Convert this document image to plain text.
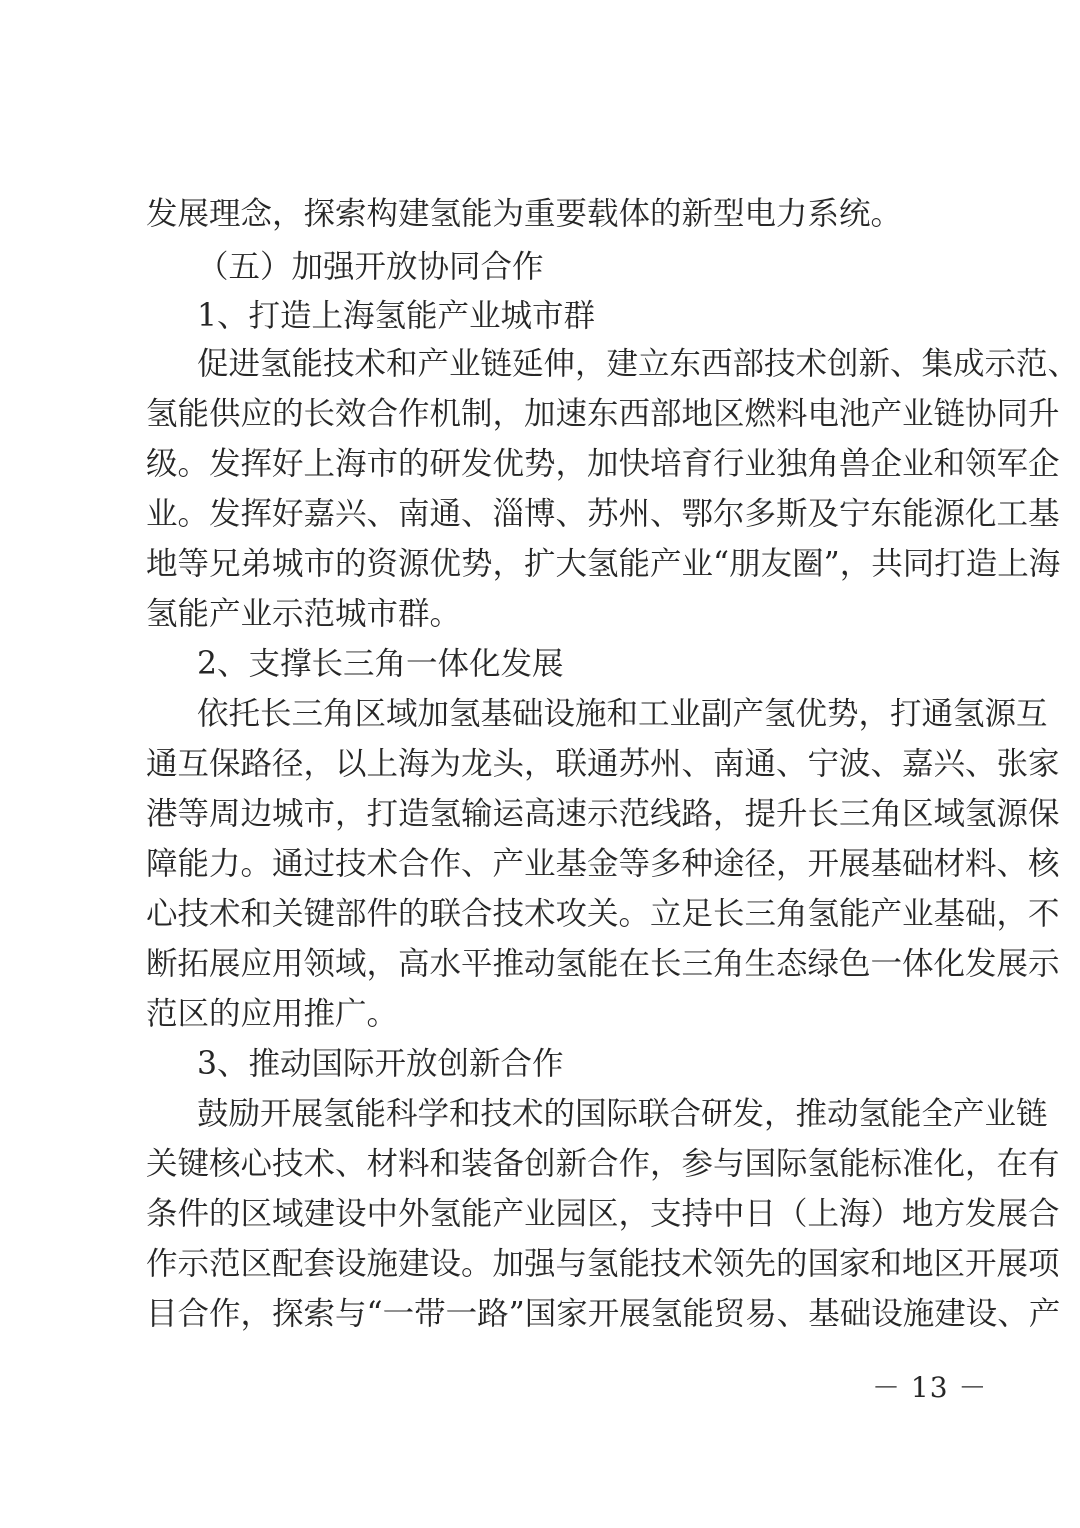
发展理念，探索构建氢能为重要载体的新型电力系统。
（五）加强开放协同合作
1、打造上海氢能产业城市群
促进氢能技术和产业链延伸，建立东西部技术创新、集成示范、
氢能供应的长效合作机制，加速东西部地区燃料电池产业链协同升
级。发挥好上海市的研发优势，加快培育行业独角兽企业和领军企
业。发挥好嘉兴、南通、淄博、苏州、鄂尔多斯及宁东能源化工基
地等兄弟城市的资源优势，扩大氢能产业“朋友圈”，共同打造上海
氢能产业示范城市群。
2、支撑长三角一体化发展
依托长三角区域加氢基础设施和工业副产氢优势，打通氢源互
通互保路径，以上海为龙头，联通苏州、南通、宁波、嘉兴、张家
港等周边城市，打造氢输运高速示范线路，提升长三角区域氢源保
障能力。通过技术合作、产业基金等多种途径，开展基础材料、核
心技术和关键部件的联合技术攻关。立足长三角氢能产业基础，不
断拓展应用领域，高水平推动氢能在长三角生态绿色一体化发展示
范区的应用推广。
3、推动国际开放创新合作
鼓励开展氢能科学和技术的国际联合研发，推动氢能全产业链
关键核心技术、材料和装备创新合作，参与国际氢能标准化，在有
条件的区域建设中外氢能产业园区，支持中日（上海）地方发展合
作示范区配套设施建设。加强与氢能技术领先的国家和地区开展项
目合作，探索与“一带一路”国家开展氢能贸易、基础设施建设、产
－ 13 －
